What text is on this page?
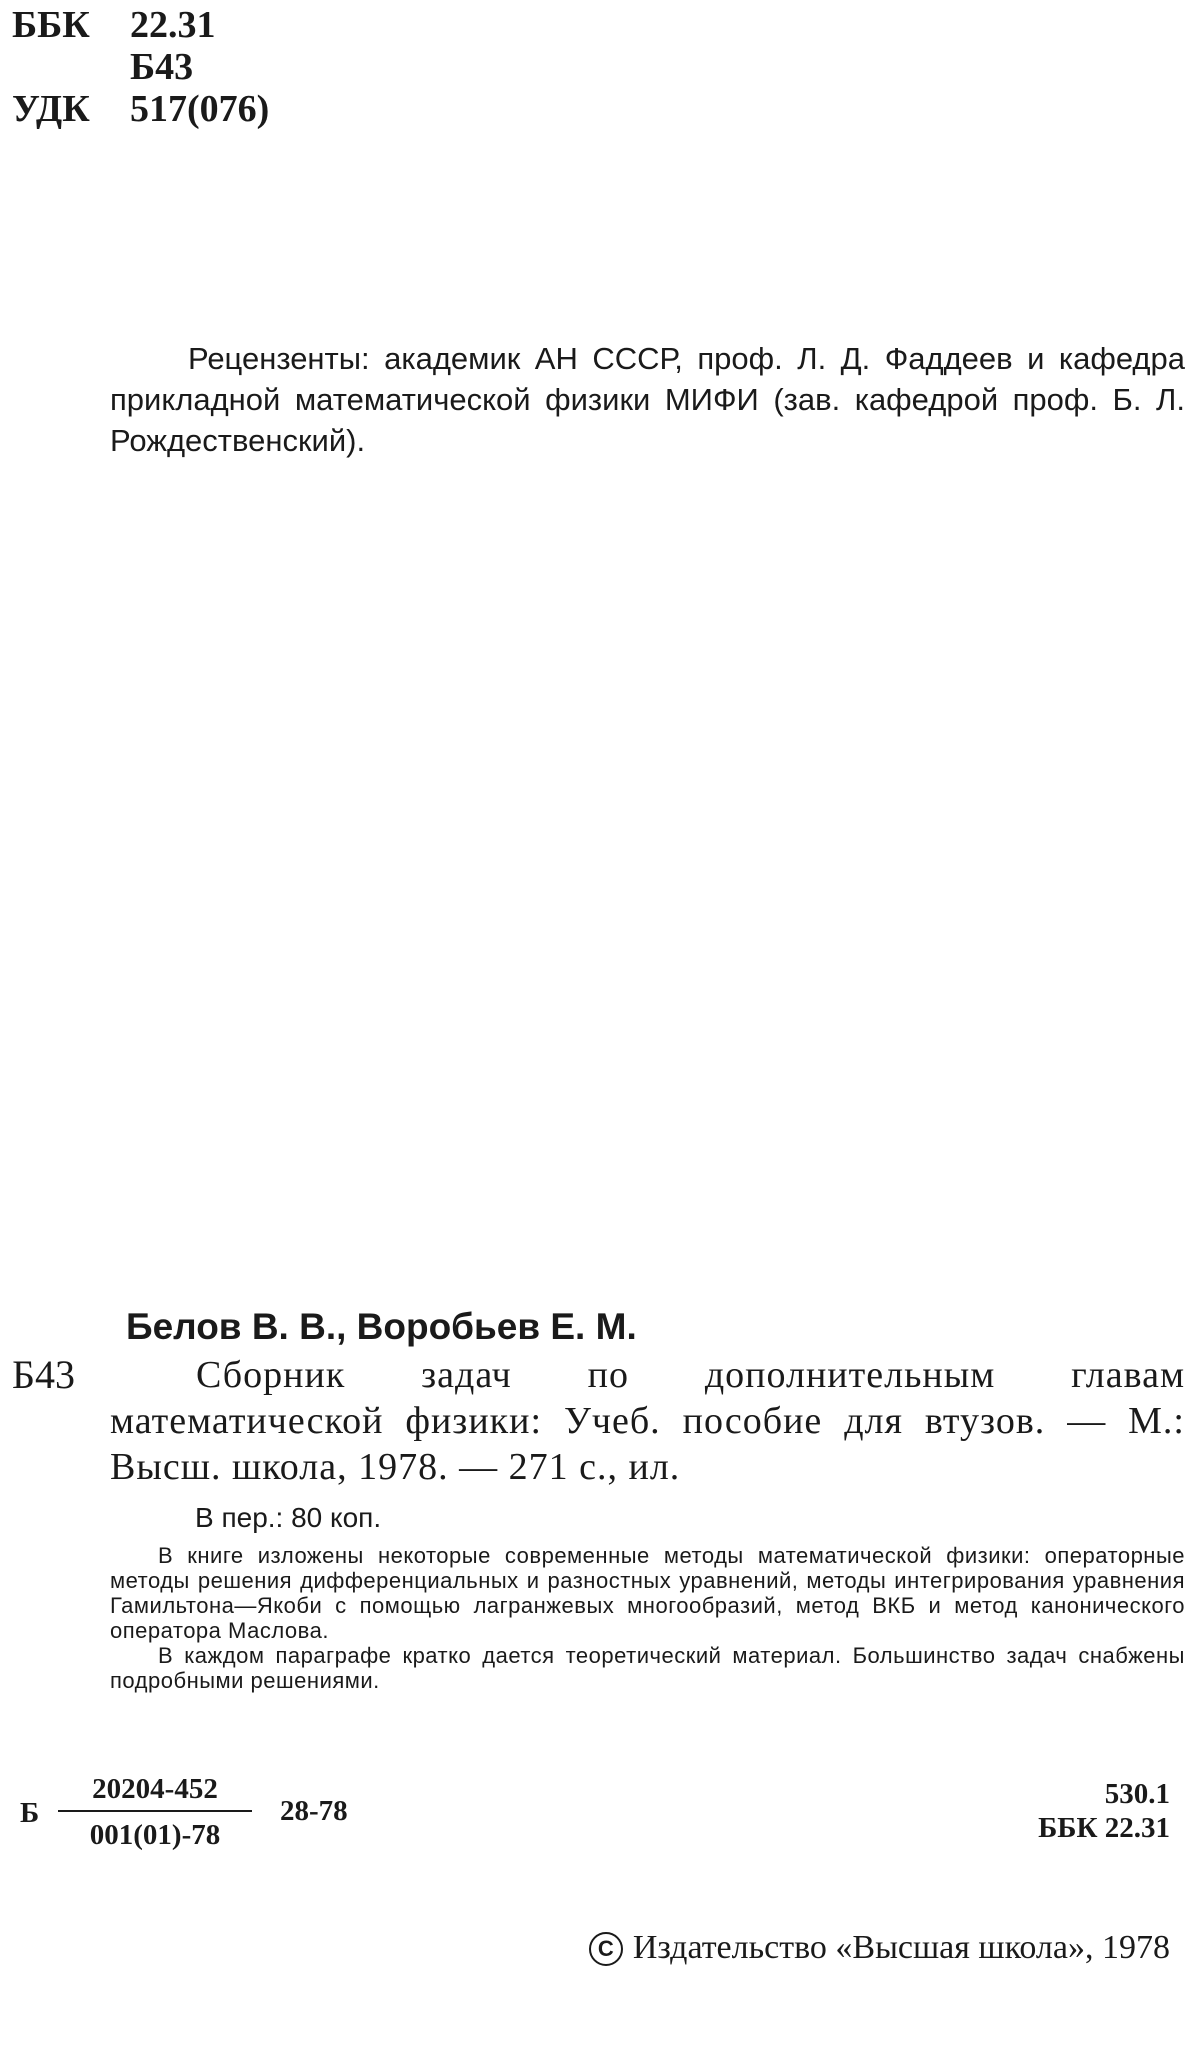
ББК 22.31
Б43
УДК 517(076)
Рецензенты: академик АН СССР, проф. Л. Д. Фаддеев и кафедра прикладной математической физики МИФИ (зав. кафедрой проф. Б. Л. Рождественский).
Белов В. В., Воробьев Е. М.
Б43	Сборник задач по дополнительным главам математической физики: Учеб. пособие для втузов. — М.: Высш. школа, 1978. — 271 с., ил.
В пер.: 80 коп.

В книге изложены некоторые современные методы математической физики: операторные методы решения дифференциальных и разностных уравнений, методы интегрирования уравнения Гамильтона—Якоби с помощью лагранжевых многообразий, метод ВКБ и метод канонического оператора Маслова.

В каждом параграфе кратко дается теоретический материал. Большинство задач снабжены подробными решениями.

Б $\frac{20204-452}{001(01)-78} 28-78$
530.1
ББК 22.31
C Издательство «Высшая школа», 1978
